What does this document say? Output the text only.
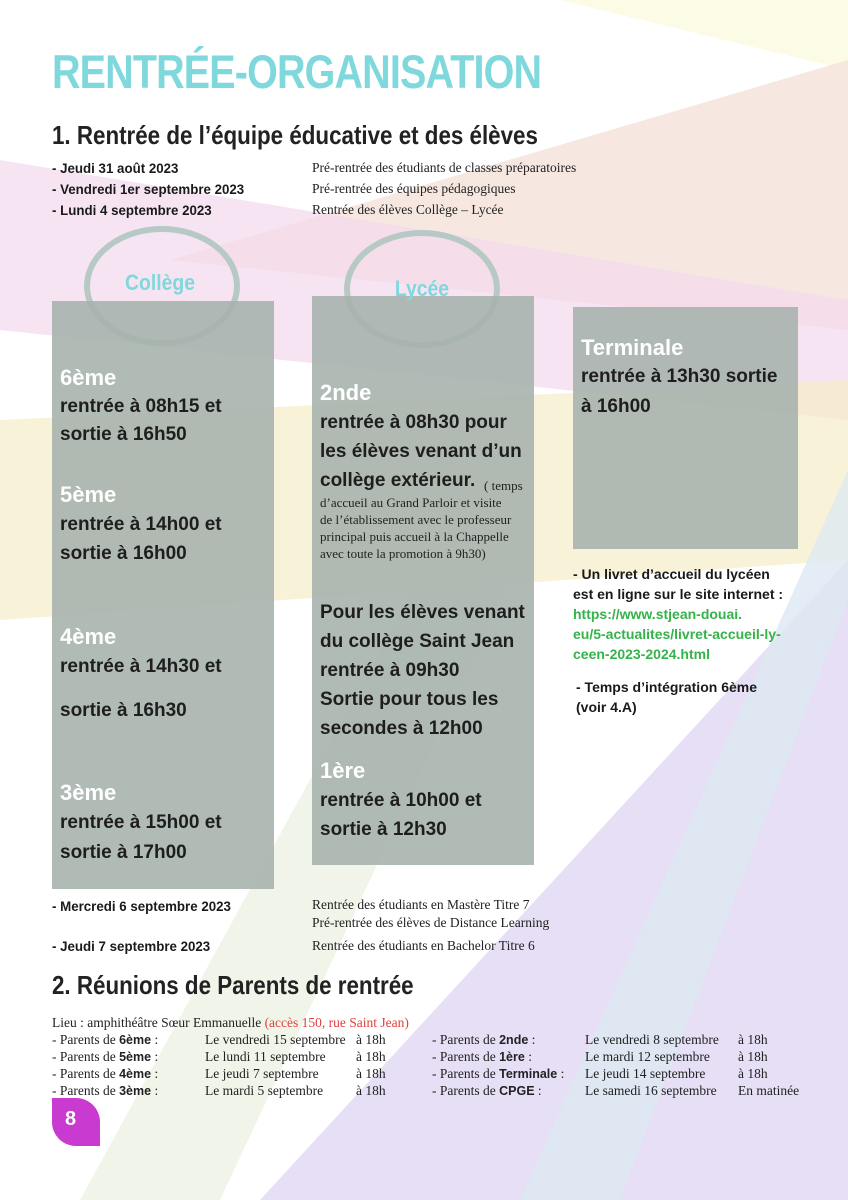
RENTRÉE-ORGANISATION
1. Rentrée de l’équipe éducative et des élèves
- Jeudi 31 août 2023	Pré-rentrée des étudiants de classes préparatoires
- Vendredi 1er septembre 2023	Pré-rentrée des équipes pédagogiques
- Lundi 4 septembre 2023	Rentrée des élèves Collège – Lycée
Collège
6ème
rentrée à 08h15 et
sortie à 16h50
5ème
rentrée à 14h00 et
sortie à 16h00
4ème
rentrée à 14h30 et
sortie à 16h30
3ème
rentrée à 15h00 et
sortie à 17h00
Lycée
2nde
rentrée à 08h30 pour
les élèves venant d’un
collège extérieur. ( temps
d’accueil au Grand Parloir et visite
de l’établissement avec le professeur
principal puis accueil à la Chappelle
avec toute la promotion à 9h30)
Pour les élèves venant
du collège Saint Jean
rentrée à 09h30
Sortie pour tous les
secondes à 12h00
1ère
rentrée à 10h00 et
sortie à 12h30
Terminale
rentrée à 13h30 sortie
à 16h00
- Un livret d’accueil du lycéen
est en ligne sur le site internet :
https://www.stjean-douai.
eu/5-actualites/livret-accueil-ly-
ceen-2023-2024.html
- Temps d’intégration 6ème
(voir 4.A)
- Mercredi 6 septembre 2023	Rentrée des étudiants en Mastère Titre 7
Pré-rentrée des élèves de Distance Learning
- Jeudi 7 septembre 2023	Rentrée des étudiants en Bachelor Titre 6
2. Réunions de Parents de rentrée
Lieu : amphithéâtre Sœur Emmanuelle (accès 150, rue Saint Jean)
- Parents de 6ème :	Le vendredi 15 septembre à 18h
- Parents de 5ème :	Le lundi 11 septembre à 18h
- Parents de 4ème :	Le jeudi 7 septembre	à 18h
- Parents de 3ème :	Le mardi 5 septembre à 18h
- Parents de 2nde :	Le vendredi 8 septembre à 18h
- Parents de 1ère :	Le mardi 12 septembre à 18h
- Parents de Terminale : Le jeudi 14 septembre à 18h
- Parents de CPGE :	Le samedi 16 septembre En matinée
8
